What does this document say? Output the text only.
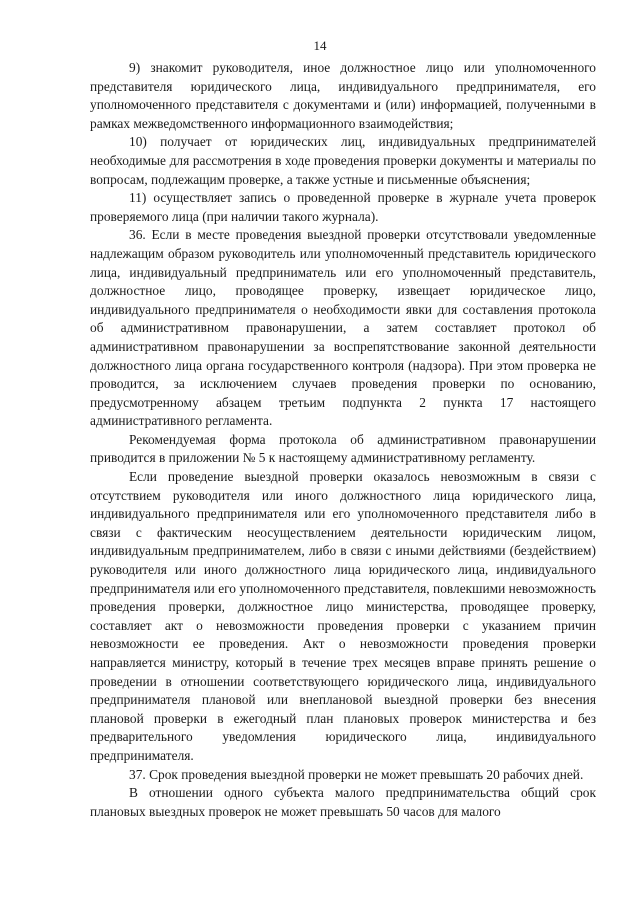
14

9) знакомит руководителя, иное должностное лицо или уполномоченного представителя юридического лица, индивидуального предпринимателя, его уполномоченного представителя с документами и (или) информацией, полученными в рамках межведомственного информационного взаимодействия;

10) получает от юридических лиц, индивидуальных предпринимателей необходимые для рассмотрения в ходе проведения проверки документы и материалы по вопросам, подлежащим проверке, а также устные и письменные объяснения;

11) осуществляет запись о проведенной проверке в журнале учета проверок проверяемого лица (при наличии такого журнала).

36. Если в месте проведения выездной проверки отсутствовали уведомленные надлежащим образом руководитель или уполномоченный представитель юридического лица, индивидуальный предприниматель или его уполномоченный представитель, должностное лицо, проводящее проверку, извещает юридическое лицо, индивидуального предпринимателя о необходимости явки для составления протокола об административном правонарушении, а затем составляет протокол об административном правонарушении за воспрепятствование законной деятельности должностного лица органа государственного контроля (надзора). При этом проверка не проводится, за исключением случаев проведения проверки по основанию, предусмотренному абзацем третьим подпункта 2 пункта 17 настоящего административного регламента.

Рекомендуемая форма протокола об административном правонарушении приводится в приложении № 5 к настоящему административному регламенту.

Если проведение выездной проверки оказалось невозможным в связи с отсутствием руководителя или иного должностного лица юридического лица, индивидуального предпринимателя или его уполномоченного представителя либо в связи с фактическим неосуществлением деятельности юридическим лицом, индивидуальным предпринимателем, либо в связи с иными действиями (бездействием) руководителя или иного должностного лица юридического лица, индивидуального предпринимателя или его уполномоченного представителя, повлекшими невозможность проведения проверки, должностное лицо министерства, проводящее проверку, составляет акт о невозможности проведения проверки с указанием причин невозможности ее проведения. Акт о невозможности проведения проверки направляется министру, который в течение трех месяцев вправе принять решение о проведении в отношении соответствующего юридического лица, индивидуального предпринимателя плановой или внеплановой выездной проверки без внесения плановой проверки в ежегодный план плановых проверок министерства и без предварительного уведомления юридического лица, индивидуального предпринимателя.

37. Срок проведения выездной проверки не может превышать 20 рабочих дней.

В отношении одного субъекта малого предпринимательства общий срок плановых выездных проверок не может превышать 50 часов для малого
